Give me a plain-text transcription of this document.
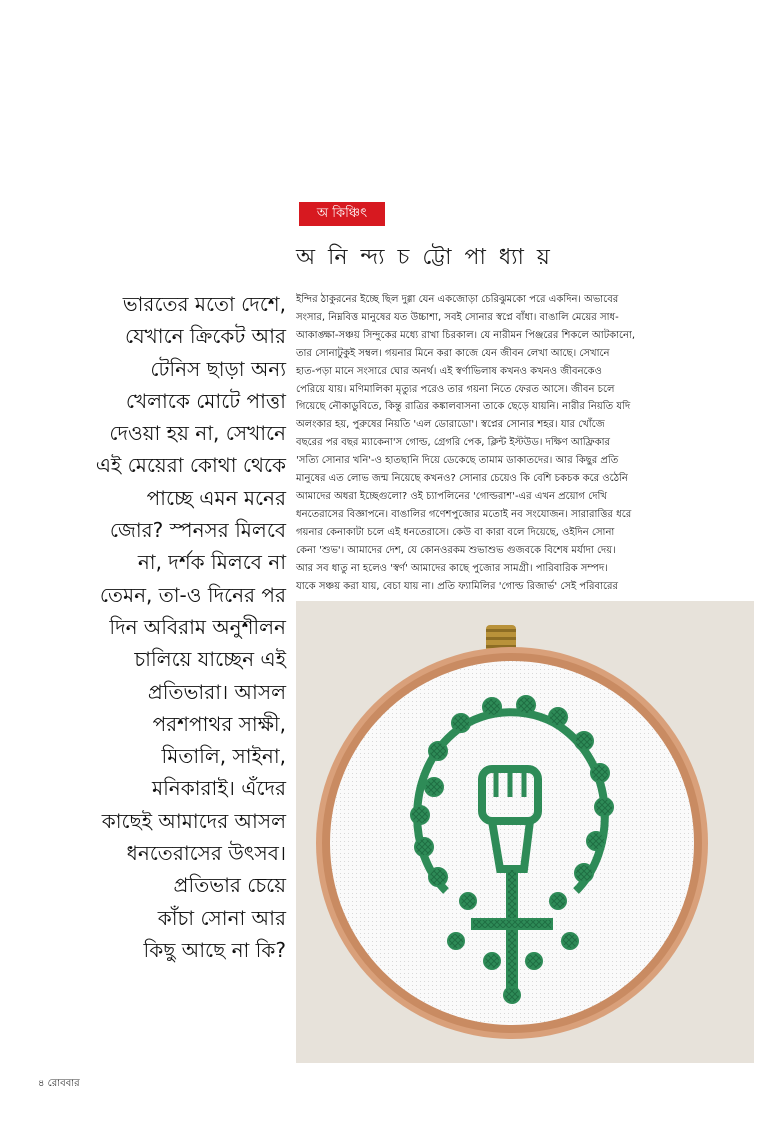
অ কিঞ্চিৎ
অ নি ন্দ্য চ ট্টো পা ধ্যা য়
ভারতের মতো দেশে,
যেখানে ক্রিকেট আর
টেনিস ছাড়া অন্য
খেলাকে মোটে পাত্তা
দেওয়া হয় না, সেখানে
এই মেয়েরা কোথা থেকে
পাচ্ছে এমন মনের
জোর? স্পনসর মিলবে
না, দর্শক মিলবে না
তেমন, তা-ও দিনের পর
দিন অবিরাম অনুশীলন
চালিয়ে যাচ্ছেন এই
প্রতিভারা। আসল
পরশপাথর সাক্ষী,
মিতালি, সাইনা,
মনিকারাই। এঁদের
কাছেই আমাদের আসল
ধনতেরাসের উৎসব।
প্রতিভার চেয়ে
কাঁচা সোনা আর
কিছু আছে না কি?
ইন্দির ঠাকুরনের ইচ্ছে ছিল দুগ্গা যেন একজোড়া চেরিঝুমকো পরে একদিন। অভাবের
সংসার, নিম্নবিত্ত মানুষের যত উচ্চাশা, সবই সোনার স্বপ্নে বাঁধা। বাঙালি মেয়ের সাধ-
আকাঙ্ক্ষা-সঞ্চয় সিন্দুকের মধ্যে রাখা চিরকাল। যে নারীমন পিঞ্জরের শিকলে আটকানো,
তার সোনাটুকুই সম্বল। গয়নার মিনে করা কাজে যেন জীবন লেখা আছে। সেখানে
হাত-পড়া মানে সংসারে ঘোর অনর্থ। এই স্বর্ণাভিলাষ কখনও কখনও জীবনকেও
পেরিয়ে যায়। মণিমালিকা মৃত্যুর পরেও তার গয়না নিতে ফেরত আসে। জীবন চলে
গিয়েছে নৌকাডুবিতে, কিন্তু রাত্রির কঙ্কালবাসনা তাকে ছেড়ে যায়নি। নারীর নিয়তি যদি
অলংকার হয়, পুরুষের নিয়তি 'এল ডোরাডো'। স্বপ্নের সোনার শহর। যার খোঁজে
বছরের পর বছর ম্যাকেনা'স গোল্ড, গ্রেগরি পেক, ক্লিন্ট ইস্টউড। দক্ষিণ আফ্রিকার
'সত্যি সোনার খনি'-ও হাতছানি দিয়ে ডেকেছে তামাম ডাকাতদের। আর কিছুর প্রতি
মানুষের এত লোভ জন্ম নিয়েছে কখনও? সোনার চেয়েও কি বেশি চকচক করে ওঠেনি
আমাদের অধরা ইচ্ছেগুলো? ওই চ্যাপলিনের 'গোল্ডরাশ'-এর এখন প্রয়োগ দেখি
ধনতেরাসের বিজ্ঞাপনে। বাঙালির গণেশপুজোর মতোই নব সংযোজন। সারারাত্তির ধরে
গয়নার কেনাকাটা চলে এই ধনতেরাসে। কেউ বা কারা বলে দিয়েছে, ওইদিন সোনা
কেনা 'শুভ'। আমাদের দেশ, যে কোনওরকম শুভাশুভ গুজবকে বিশেষ মর্যাদা দেয়।
আর সব ধাতু না হলেও 'স্বর্ণ' আমাদের কাছে পুজোর সামগ্রী। পারিবারিক সম্পদ।
যাকে সঞ্চয় করা যায়, বেচা যায় না। প্রতি ফ্যামিলির 'গোল্ড রিজার্ভ' সেই পরিবারের
৪ রোববার
